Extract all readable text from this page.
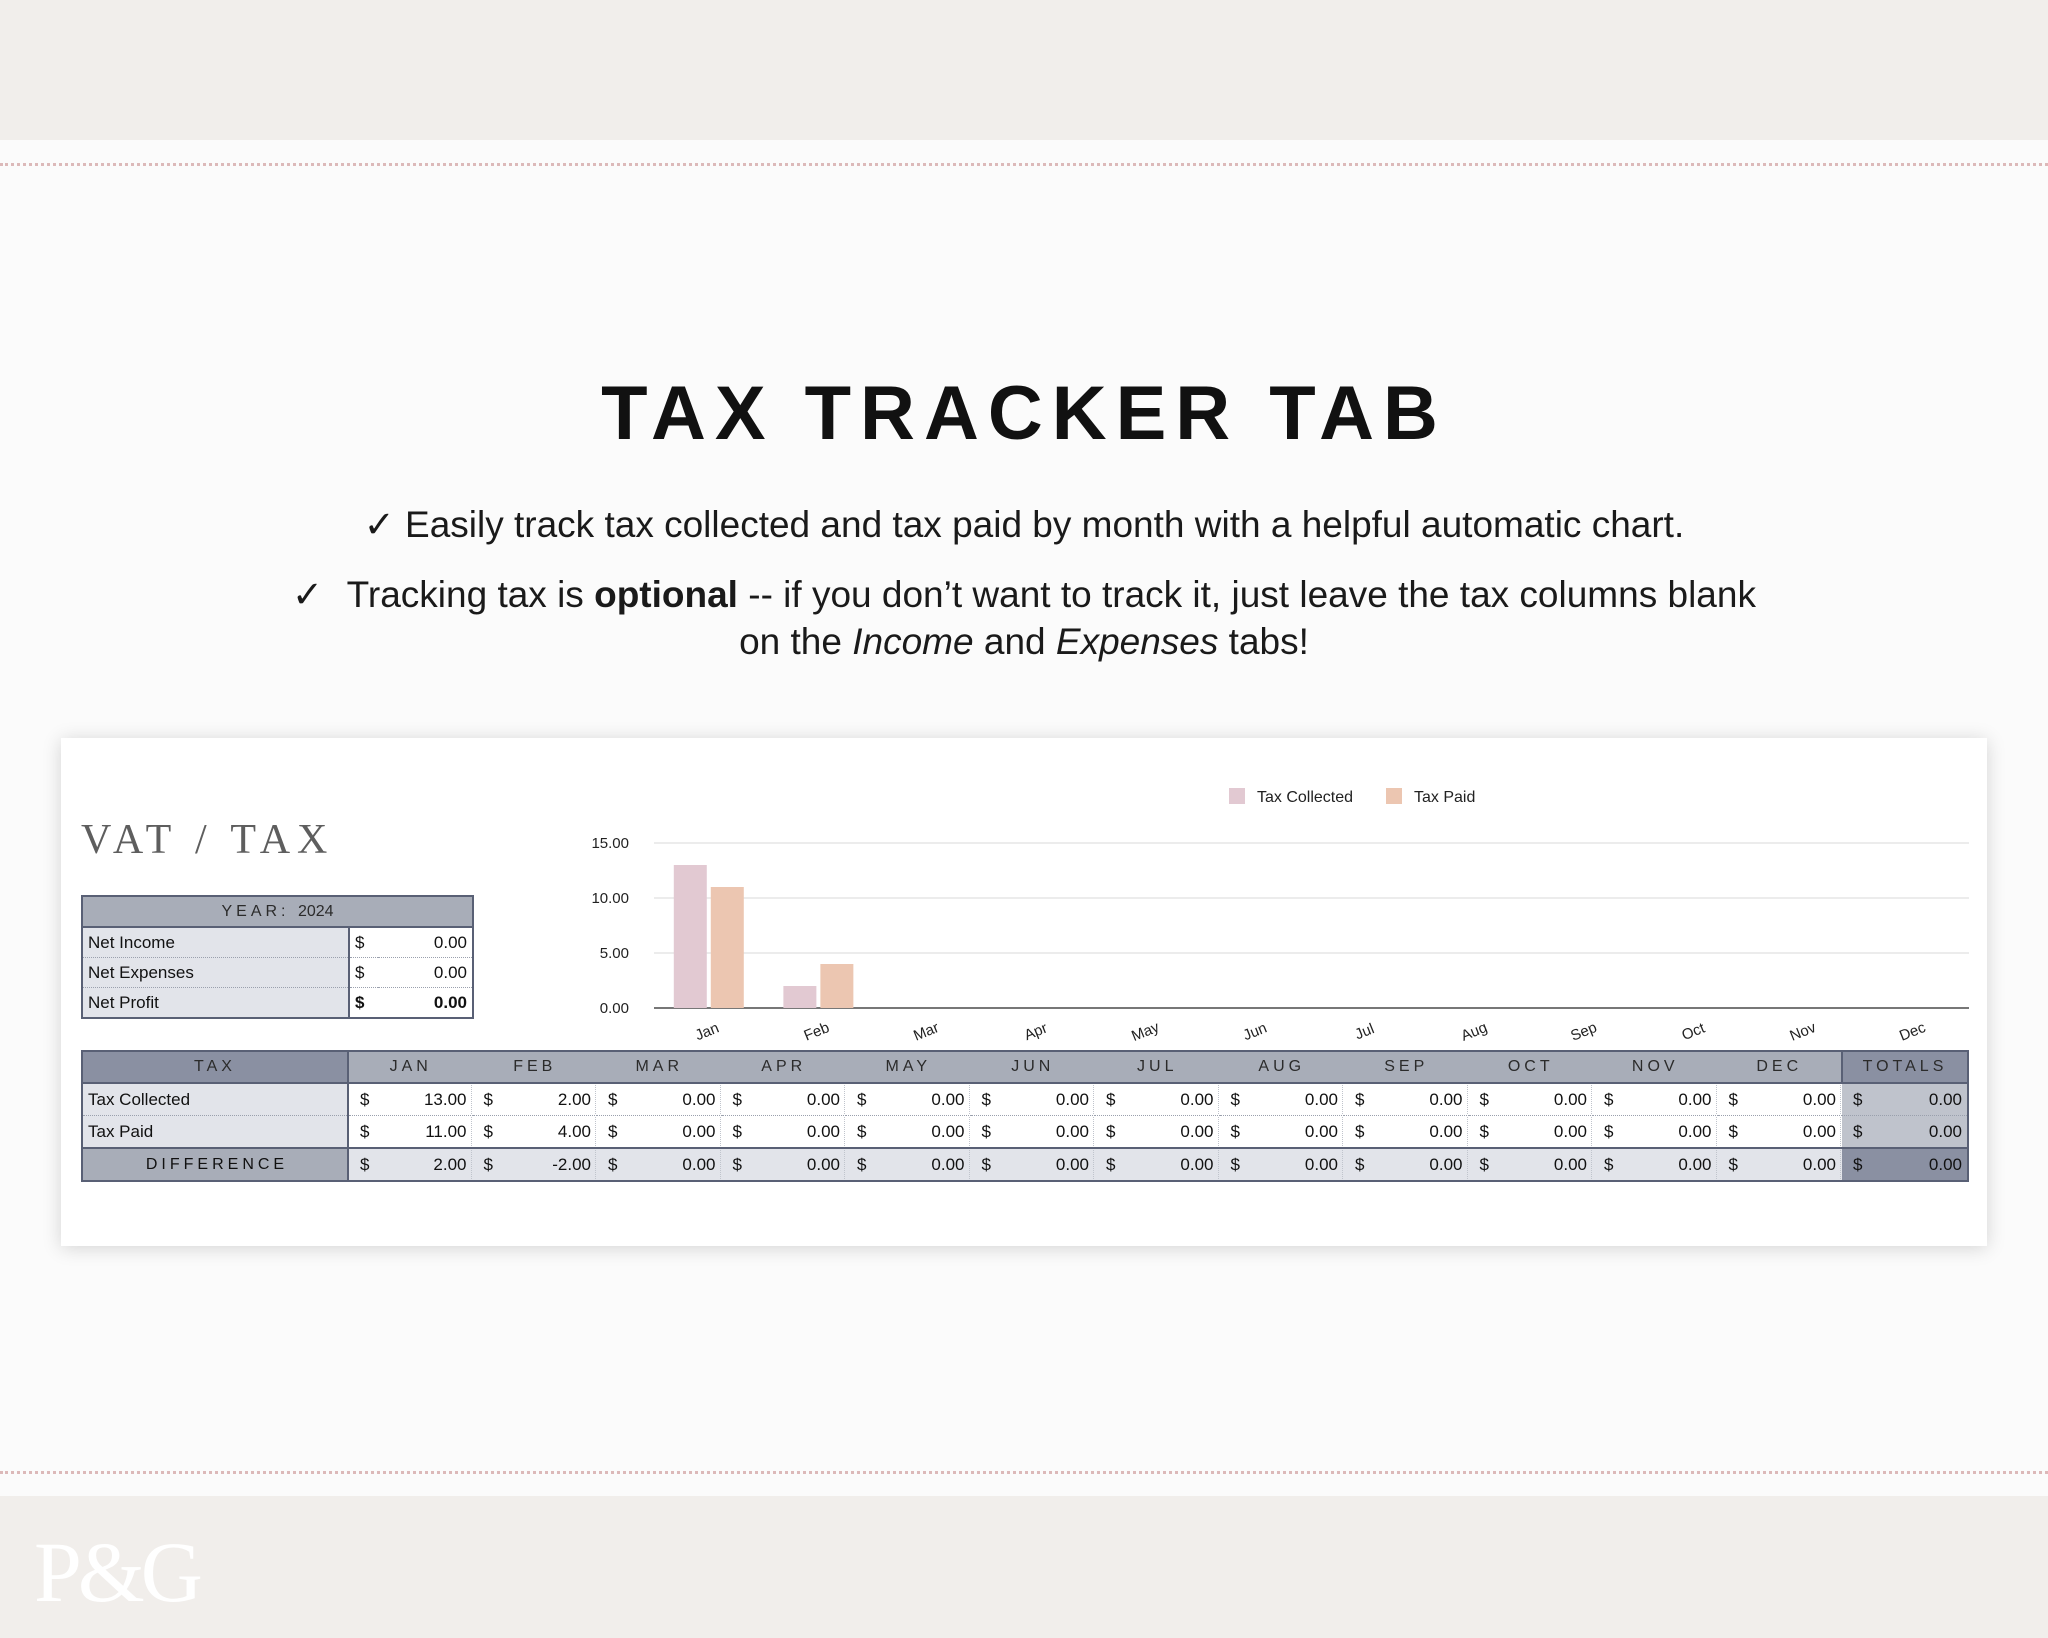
TAX TRACKER TAB
✓ Easily track tax collected and tax paid by month with a helpful automatic chart.
✓ Tracking tax is optional -- if you don’t want to track it, just leave the tax columns blank
on the Income and Expenses tabs!
VAT / TAX
YEAR: 2024		
Net Income	$	0.00
Net Expenses	$	0.00
Net Profit	$	0.00	0.00
5.00
10.00
15.00
Jan	Feb	Mar	Apr	May	Jun	Jul	Aug	Sep	Oct	Nov	Dec
Tax Collected	Tax Paid
TAX	JAN	FEB	MAR	APR	MAY	JUN	JUL	AUG	SEP	OCT	NOV	DEC	TOTALS
Tax Collected	$ 13.00	$ 2.00	$ 0.00	$ 0.00	$ 0.00	$ 0.00	$ 0.00	$ 0.00	$ 0.00	$ 0.00	$ 0.00	$ 0.00	$ 0.00

Tax Paid	$ 11.00	$ 4.00	$ 0.00	$ 0.00	$ 0.00	$ 0.00	$ 0.00	$ 0.00	$ 0.00	$ 0.00	$ 0.00	$ 0.00	$ 0.00

DIFFERENCE	$ 2.00	$ -2.00	$ 0.00	$ 0.00	$ 0.00	$ 0.00	$ 0.00	$ 0.00	$ 0.00	$ 0.00	$ 0.00	$ 0.00	$ 0.00
P&G
